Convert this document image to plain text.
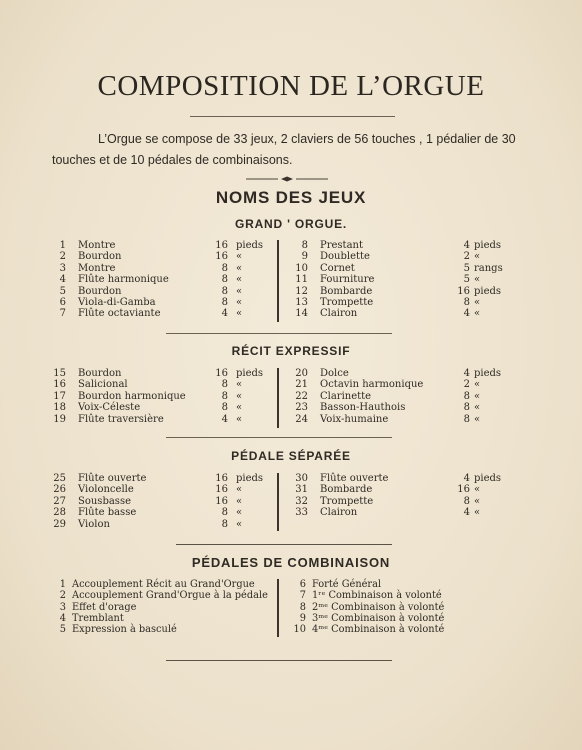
COMPOSITION DE L’ORGUE
L’Orgue se compose de 33 jeux, 2 claviers de 56 touches , 1 pédalier de 30 touches et de 10 pédales de combinaisons.
NOMS DES JEUX
GRAND ' ORGUE.
1 Montre	16 pieds	8 Prestant	4 pieds
2 Bourdon	16 «	9 Doublette	2 «
3 Montre	8 «	10 Cornet	5 rangs
4 Flûte harmonique	8 «	11 Fourniture	5 «
5 Bourdon	8 «	12 Bombarde	16 pieds
6 Viola-di-Gamba	8 «	13 Trompette	8 «
7 Flûte octaviante	4 «	14 Clairon	4 «
RÉCIT EXPRESSIF
15 Bourdon	16 pieds	20 Dolce	4 pieds
16 Salicional	8 «	21 Octavin harmonique	2 «
17 Bourdon harmonique	8 «	22 Clarinette	8 «
18 Voix-Céleste	8 «	23 Basson-Hauthois	8 «
19 Flûte traversière	4 «	24 Voix-humaine	8 «
PÉDALE SÉPARÉE
25 Flûte ouverte	16 pieds	30 Flûte ouverte	4 pieds
26 Violoncelle	16 «	31 Bombarde	16 «
27 Sousbasse	16 «	32 Trompette	8 «
28 Flûte basse	8 «	33 Clairon	4 «
29 Violon	8 «
PÉDALES DE COMBINAISON
1 Accouplement Récit au Grand'Orgue	6 Forté Général
2 Accouplement Grand'Orgue à la pédale	7 1ʳᵉ Combinaison à volonté
3 Effet d'orage	8 2ᵐᵉ Combinaison à volonté
4 Tremblant	9 3ᵐᵉ Combinaison à volonté
5 Expression à basculé	10 4ᵐᵉ Combinaison à volonté
